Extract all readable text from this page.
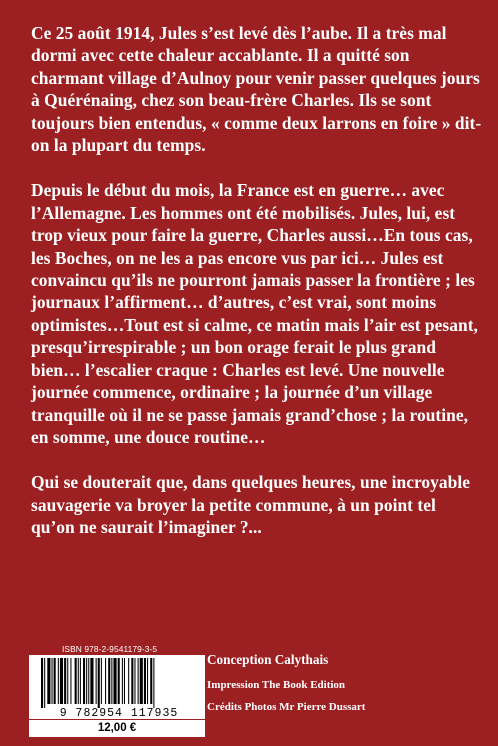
Ce 25 août 1914, Jules s’est levé dès l’aube. Il a très mal dormi avec cette chaleur accablante. Il a quitté son charmant village d’Aulnoy pour venir passer quelques jours à Quérénaing, chez son beau-frère Charles. Ils se sont toujours bien entendus, « comme deux larrons en foire » dit-on la plupart du temps.

Depuis le début du mois, la France est en guerre… avec l’Allemagne. Les hommes ont été mobilisés. Jules, lui, est trop vieux pour faire la guerre, Charles aussi…En tous cas, les Boches, on ne les a pas encore vus par ici… Jules est convaincu qu’ils ne pourront jamais passer la frontière ; les journaux l’affirment… d’autres, c’est vrai, sont moins optimistes…Tout est si calme, ce matin mais l’air est pesant, presqu’irrespirable ; un bon orage ferait le plus grand bien… l’escalier craque : Charles est levé. Une nouvelle journée commence, ordinaire ; la journée d’un village tranquille où il ne se passe jamais grand’chose ; la routine, en somme, une douce routine…

Qui se douterait que, dans quelques heures, une incroyable sauvagerie va broyer la petite commune, à un point tel qu’on ne saurait l’imaginer ?...

ISBN 978-2-9541179-3-5
9 782954 117935
12,00 €
Conception Calythais
Impression The Book Edition
Crédits Photos Mr Pierre Dussart
